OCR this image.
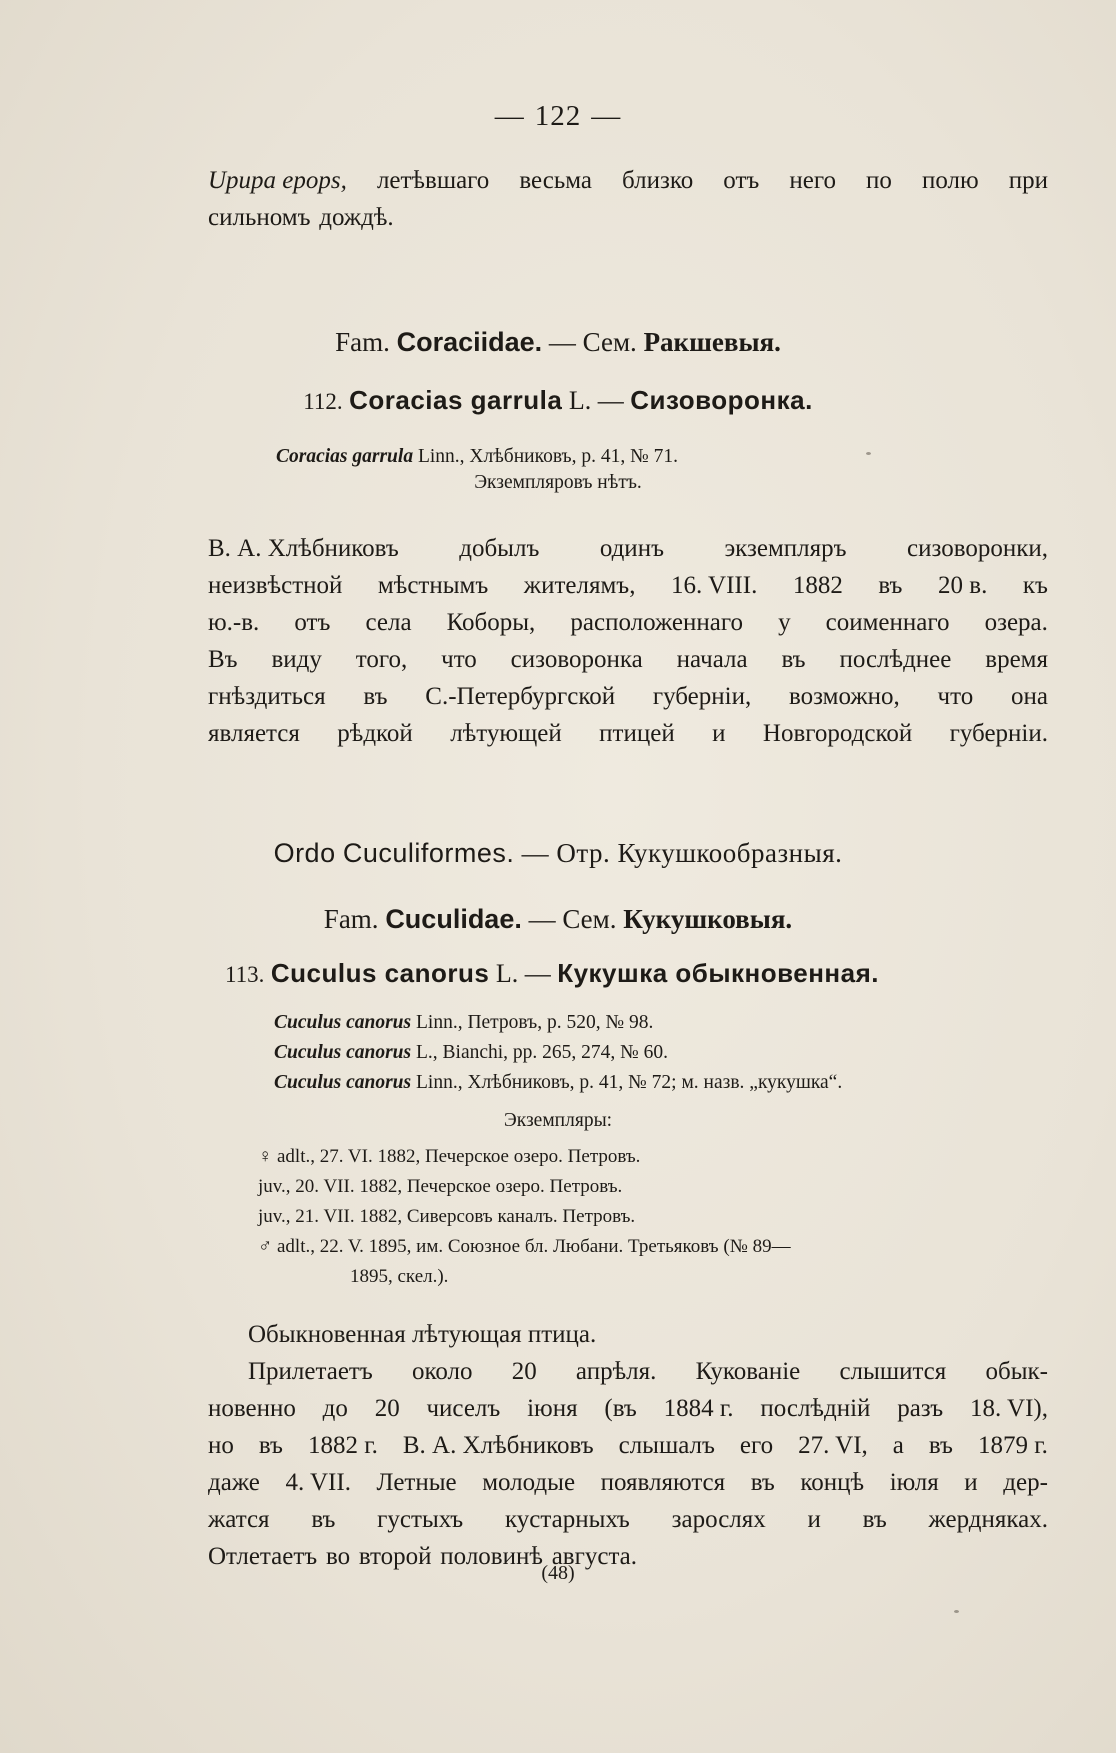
— 122 —
Upupa epops, летѣвшаго весьма близко отъ него по полю при
сильномъ дождѣ.
Fam. Coraciidae. — Сем. Ракшевыя.
112. Coracias garrula L. — Сизоворонка.
Coracias garrula Linn., Хлѣбниковъ, р. 41, № 71.
Экземпляровъ нѣтъ.
В. А. Хлѣбниковъ добылъ одинъ экземпляръ сизоворонки,
неизвѣстной мѣстнымъ жителямъ, 16. VIII. 1882 въ 20 в. къ
ю.-в. отъ села Коборы, расположеннаго у соименнаго озера.
Въ виду того, что сизоворонка начала въ послѣднее время
гнѣздиться въ С.-Петербургской губерніи, возможно, что она
является рѣдкой лѣтующей птицей и Новгородской губерніи.
Ordo Cuculiformes. — Отр. Кукушкообразныя.
Fam. Cuculidae. — Сем. Кукушковыя.
113. Cuculus canorus L. — Кукушка обыкновенная.
Cuculus canorus Linn., Петровъ, р. 520, № 98.
Cuculus canorus L., Bianchi, рр. 265, 274, № 60.
Cuculus canorus Linn., Хлѣбниковъ, р. 41, № 72; м. назв. „кукушка“.
Экземпляры:
♀ adlt., 27. VI. 1882, Печерское озеро. Петровъ.
juv., 20. VII. 1882, Печерское озеро. Петровъ.
juv., 21. VII. 1882, Сиверсовъ каналъ. Петровъ.
♂ adlt., 22. V. 1895, им. Союзное бл. Любани. Третьяковъ (№ 89—
1895, скел.).
Обыкновенная лѣтующая птица.
Прилетаетъ около 20 апрѣля. Кукованіе слышится обык-
новенно до 20 чиселъ іюня (въ 1884 г. послѣдній разъ 18. VI),
но въ 1882 г. В. А. Хлѣбниковъ слышалъ его 27. VI, а въ 1879 г.
даже 4. VII. Летные молодые появляются въ концѣ іюля и дер-
жатся въ густыхъ кустарныхъ зарослях и въ жердняках.
Отлетаетъ во второй половинѣ августа.
(48)
